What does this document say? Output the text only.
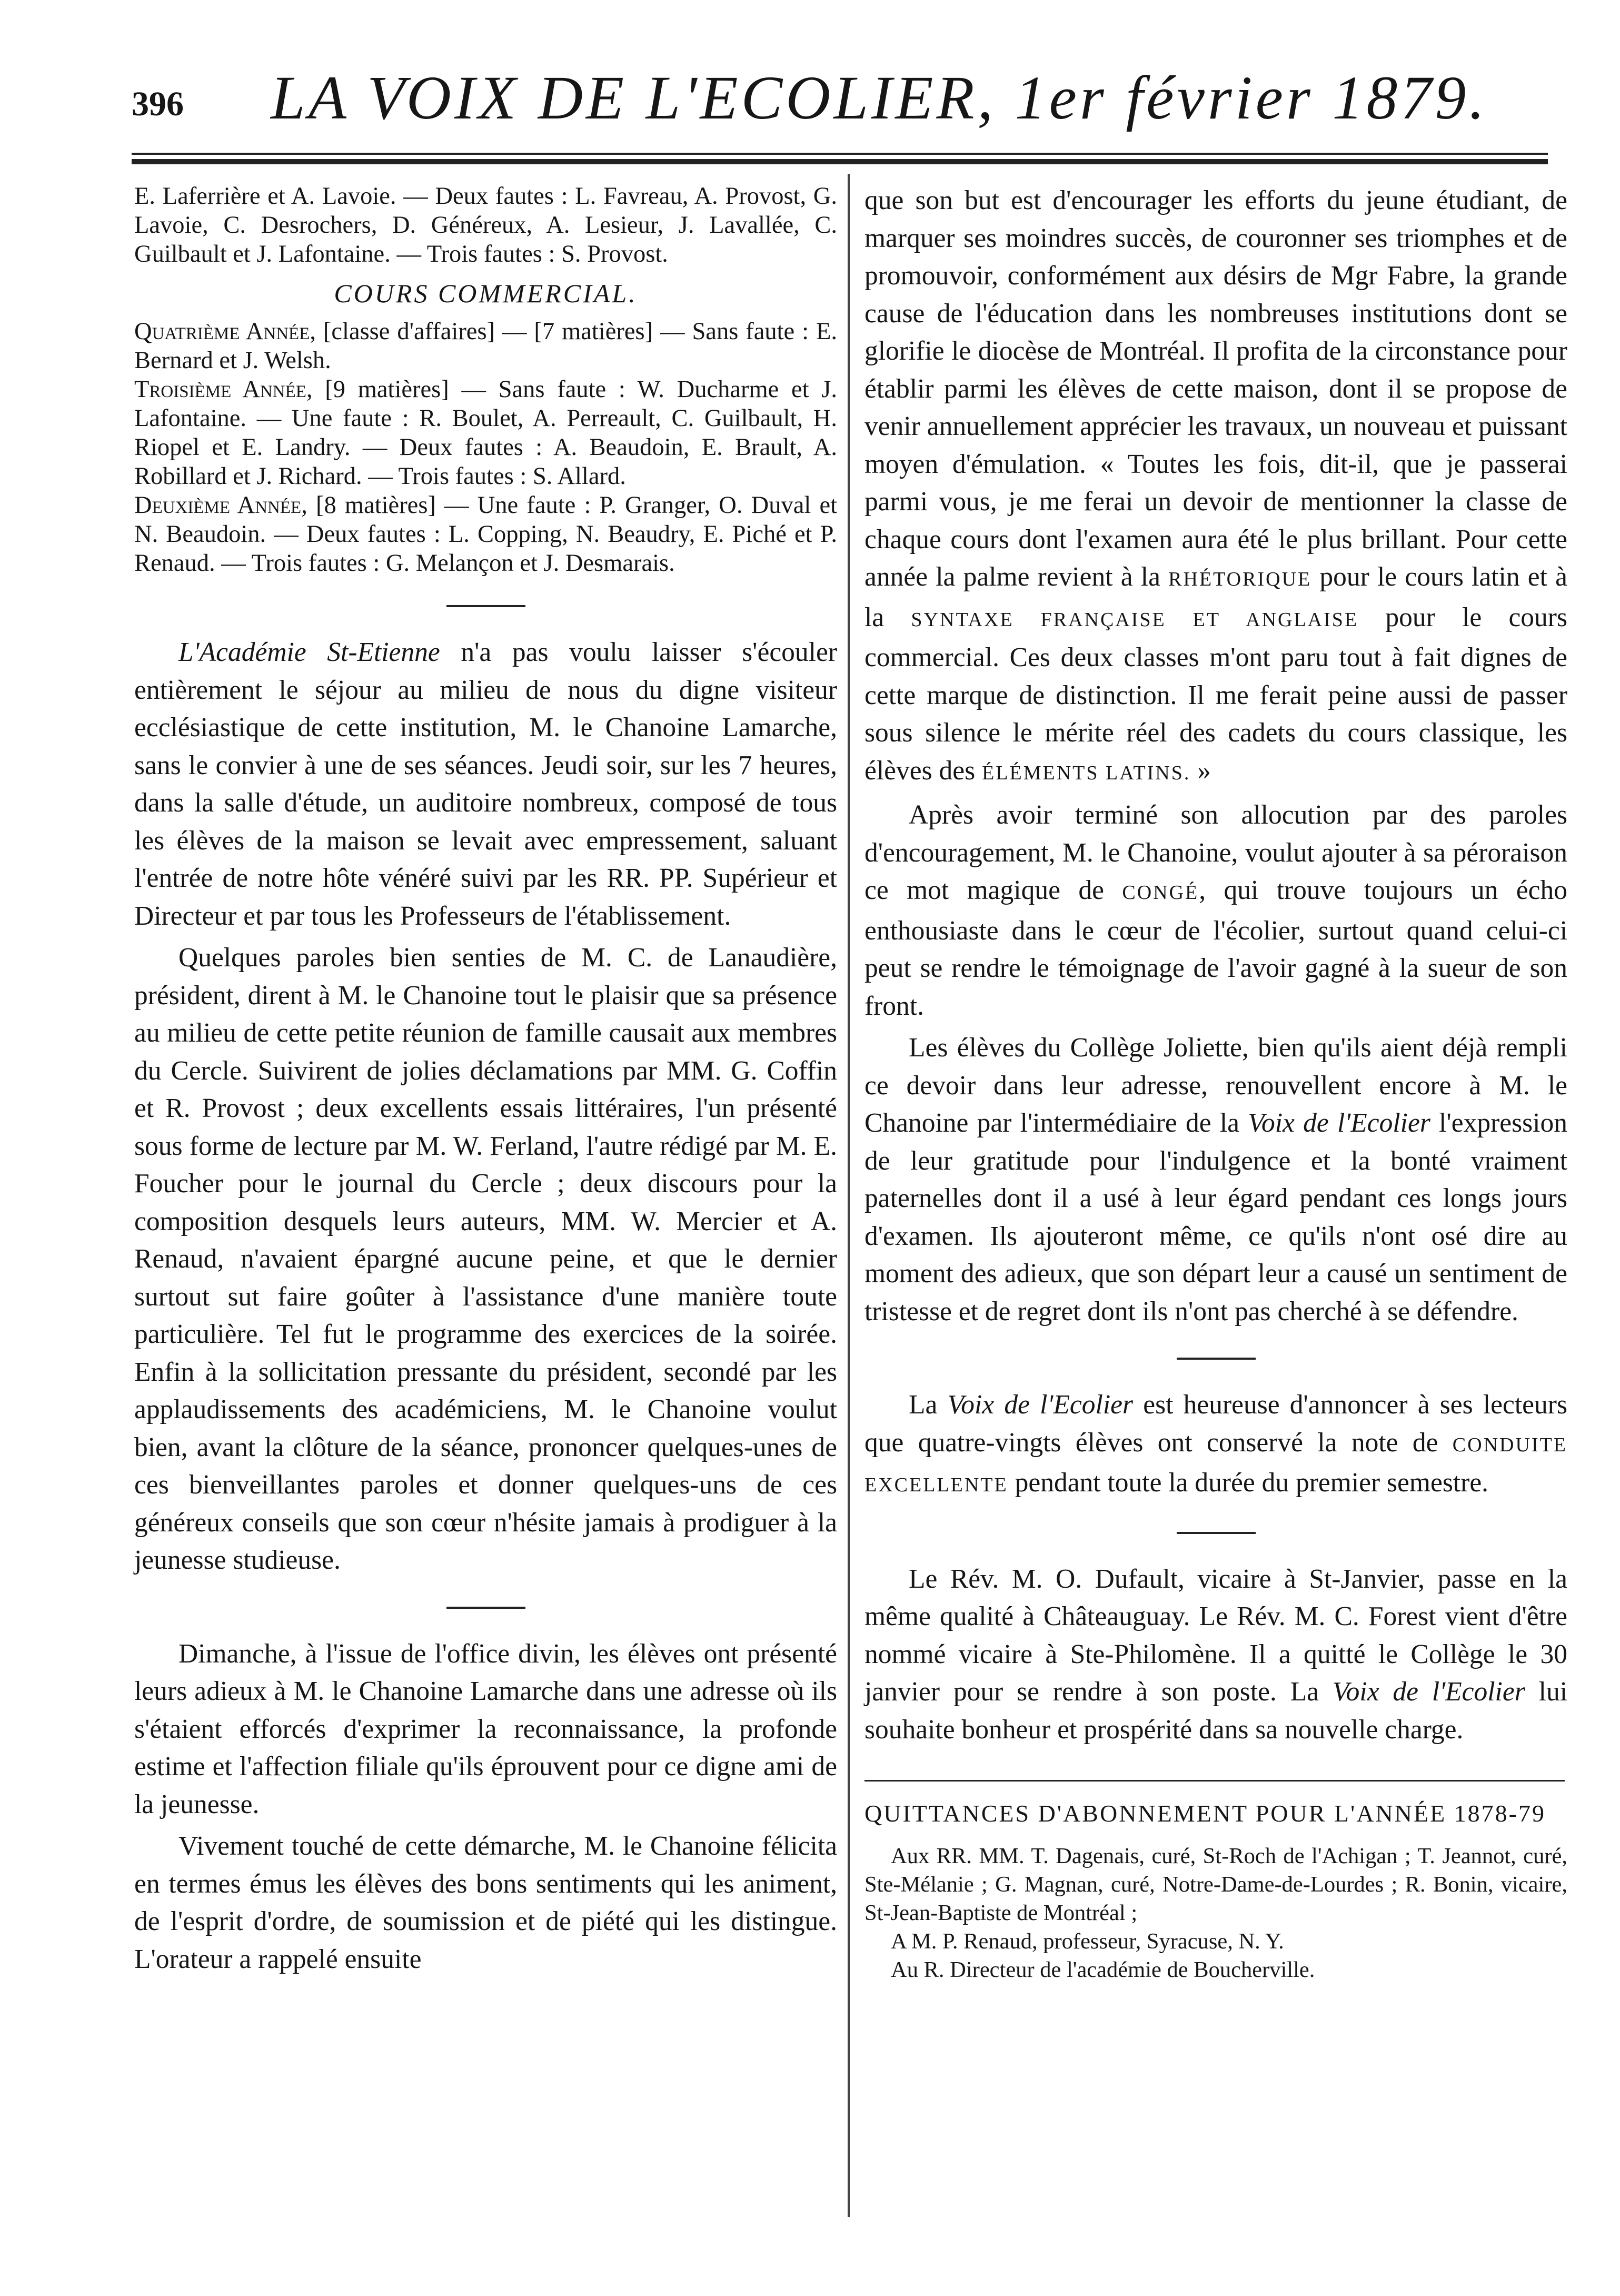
396	LA VOIX DE L'ECOLIER, 1er février 1879.

E. Laferrière et A. Lavoie. — Deux fautes : L. Favreau, A. Provost, G. Lavoie, C. Desrochers, D. Généreux, A. Lesieur, J. Lavallée, C. Guilbault et J. Lafontaine. — Trois fautes : S. Provost.

COURS COMMERCIAL.

Quatrième Année, [classe d'affaires] — [7 matières] — Sans faute : E. Bernard et J. Welsh.

Troisième Année, [9 matières] — Sans faute : W. Ducharme et J. Lafontaine. — Une faute : R. Boulet, A. Perreault, C. Guilbault, H. Riopel et E. Landry. — Deux fautes : A. Beaudoin, E. Brault, A. Robillard et J. Richard. — Trois fautes : S. Allard.

Deuxième Année, [8 matières] — Une faute : P. Granger, O. Duval et N. Beaudoin. — Deux fautes : L. Copping, N. Beaudry, E. Piché et P. Renaud. — Trois fautes : G. Melançon et J. Desmarais.

L'Académie St-Etienne n'a pas voulu laisser s'écouler entièrement le séjour au milieu de nous du digne visiteur ecclésiastique de cette institution, M. le Chanoine Lamarche, sans le convier à une de ses séances. Jeudi soir, sur les 7 heures, dans la salle d'étude, un auditoire nombreux, composé de tous les élèves de la maison se levait avec empressement, saluant l'entrée de notre hôte vénéré suivi par les RR. PP. Supérieur et Directeur et par tous les Professeurs de l'établissement.

Quelques paroles bien senties de M. C. de Lanaudière, président, dirent à M. le Chanoine tout le plaisir que sa présence au milieu de cette petite réunion de famille causait aux membres du Cercle. Suivirent de jolies déclamations par MM. G. Coffin et R. Provost ; deux excellents essais littéraires, l'un présenté sous forme de lecture par M. W. Ferland, l'autre rédigé par M. E. Foucher pour le journal du Cercle ; deux discours pour la composition desquels leurs auteurs, MM. W. Mercier et A. Renaud, n'avaient épargné aucune peine, et que le dernier surtout sut faire goûter à l'assistance d'une manière toute particulière. Tel fut le programme des exercices de la soirée. Enfin à la sollicitation pressante du président, secondé par les applaudissements des académiciens, M. le Chanoine voulut bien, avant la clôture de la séance, prononcer quelques-unes de ces bienveillantes paroles et donner quelques-uns de ces généreux conseils que son cœur n'hésite jamais à prodiguer à la jeunesse studieuse.

Dimanche, à l'issue de l'office divin, les élèves ont présenté leurs adieux à M. le Chanoine Lamarche dans une adresse où ils s'étaient efforcés d'exprimer la reconnaissance, la profonde estime et l'affection filiale qu'ils éprouvent pour ce digne ami de la jeunesse.

Vivement touché de cette démarche, M. le Chanoine félicita en termes émus les élèves des bons sentiments qui les animent, de l'esprit d'ordre, de soumission et de piété qui les distingue. L'orateur a rappelé ensuite

que son but est d'encourager les efforts du jeune étudiant, de marquer ses moindres succès, de couronner ses triomphes et de promouvoir, conformément aux désirs de Mgr Fabre, la grande cause de l'éducation dans les nombreuses institutions dont se glorifie le diocèse de Montréal. Il profita de la circonstance pour établir parmi les élèves de cette maison, dont il se propose de venir annuellement apprécier les travaux, un nouveau et puissant moyen d'émulation. « Toutes les fois, dit-il, que je passerai parmi vous, je me ferai un devoir de mentionner la classe de chaque cours dont l'examen aura été le plus brillant. Pour cette année la palme revient à la RHÉTORIQUE pour le cours latin et à la SYNTAXE FRANÇAISE ET ANGLAISE pour le cours commercial. Ces deux classes m'ont paru tout à fait dignes de cette marque de distinction. Il me ferait peine aussi de passer sous silence le mérite réel des cadets du cours classique, les élèves des ÉLÉMENTS LATINS. »

Après avoir terminé son allocution par des paroles d'encouragement, M. le Chanoine, voulut ajouter à sa péroraison ce mot magique de CONGÉ, qui trouve toujours un écho enthousiaste dans le cœur de l'écolier, surtout quand celui-ci peut se rendre le témoignage de l'avoir gagné à la sueur de son front.

Les élèves du Collège Joliette, bien qu'ils aient déjà rempli ce devoir dans leur adresse, renouvellent encore à M. le Chanoine par l'intermédiaire de la Voix de l'Ecolier l'expression de leur gratitude pour l'indulgence et la bonté vraiment paternelles dont il a usé à leur égard pendant ces longs jours d'examen. Ils ajouteront même, ce qu'ils n'ont osé dire au moment des adieux, que son départ leur a causé un sentiment de tristesse et de regret dont ils n'ont pas cherché à se défendre.

La Voix de l'Ecolier est heureuse d'annoncer à ses lecteurs que quatre-vingts élèves ont conservé la note de CONDUITE EXCELLENTE pendant toute la durée du premier semestre.

Le Rév. M. O. Dufault, vicaire à St-Janvier, passe en la même qualité à Châteauguay. Le Rév. M. C. Forest vient d'être nommé vicaire à Ste-Philomène. Il a quitté le Collège le 30 janvier pour se rendre à son poste. La Voix de l'Ecolier lui souhaite bonheur et prospérité dans sa nouvelle charge.

QUITTANCES D'ABONNEMENT POUR L'ANNÉE 1878-79

Aux RR. MM. T. Dagenais, curé, St-Roch de l'Achigan ; T. Jeannot, curé, Ste-Mélanie ; G. Magnan, curé, Notre-Dame-de-Lourdes ; R. Bonin, vicaire, St-Jean-Baptiste de Montréal ;

A M. P. Renaud, professeur, Syracuse, N. Y.

Au R. Directeur de l'académie de Boucherville.
